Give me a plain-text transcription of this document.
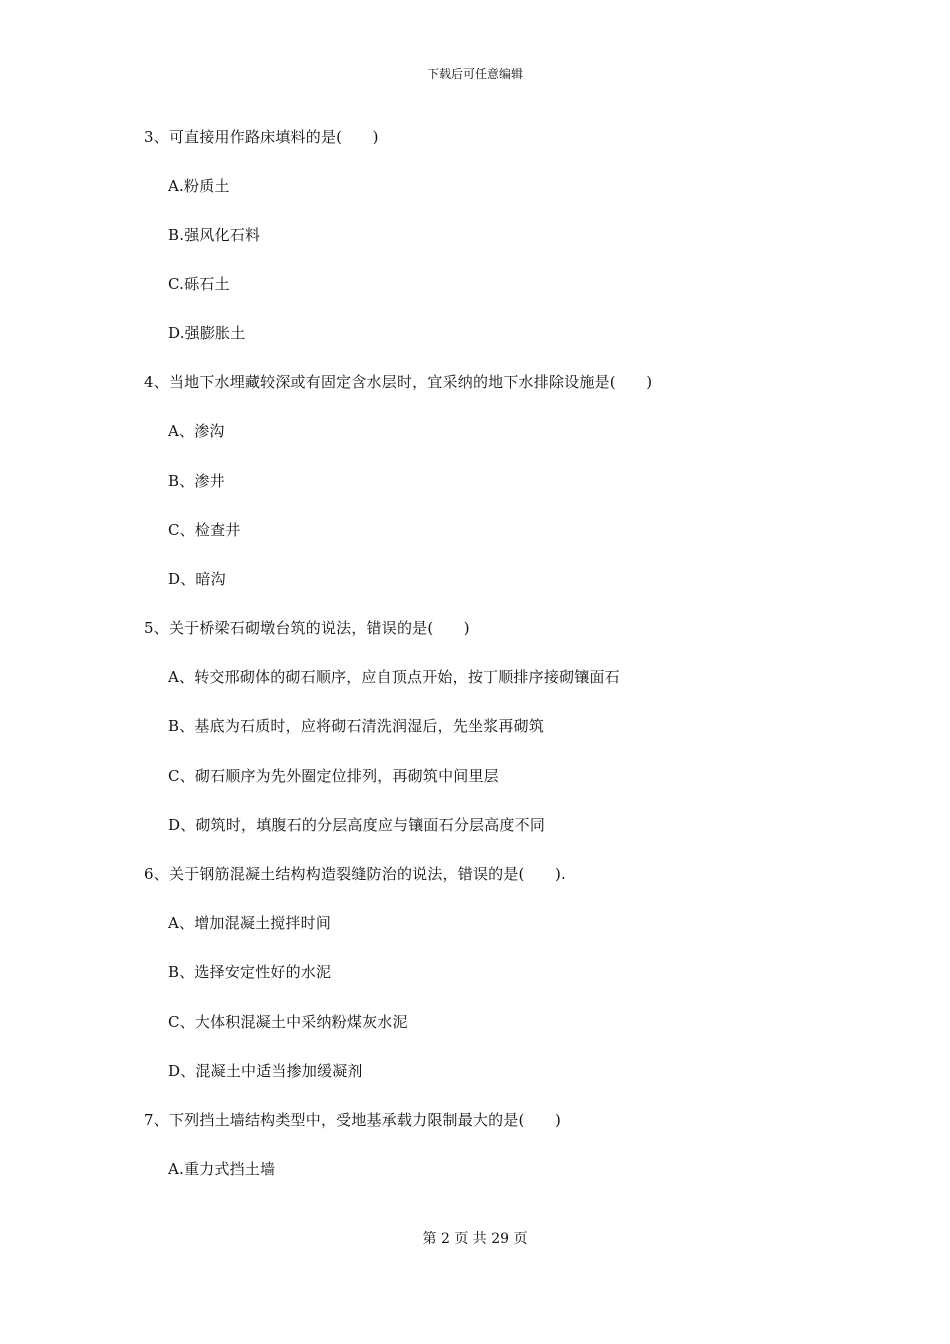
下载后可任意编辑
3、可直接用作路床填料的是(　　)
A.粉质土
B.强风化石料
C.砾石土
D.强膨胀土
4、当地下水埋藏较深或有固定含水层时，宜采纳的地下水排除设施是(　　)
A、渗沟
B、渗井
C、检查井
D、暗沟
5、关于桥梁石砌墩台筑的说法，错误的是(　　)
A、转交邢砌体的砌石顺序，应自顶点开始，按丁顺排序接砌镶面石
B、基底为石质时，应将砌石清洗润湿后，先坐浆再砌筑
C、砌石顺序为先外圈定位排列，再砌筑中间里层
D、砌筑时，填腹石的分层高度应与镶面石分层高度不同
6、关于钢筋混凝土结构构造裂缝防治的说法，错误的是(　　).
A、增加混凝土搅拌时间
B、选择安定性好的水泥
C、大体积混凝土中采纳粉煤灰水泥
D、混凝土中适当掺加缓凝剂
7、下列挡土墙结构类型中，受地基承载力限制最大的是(　　)
A.重力式挡土墙
第 2 页 共 29 页
